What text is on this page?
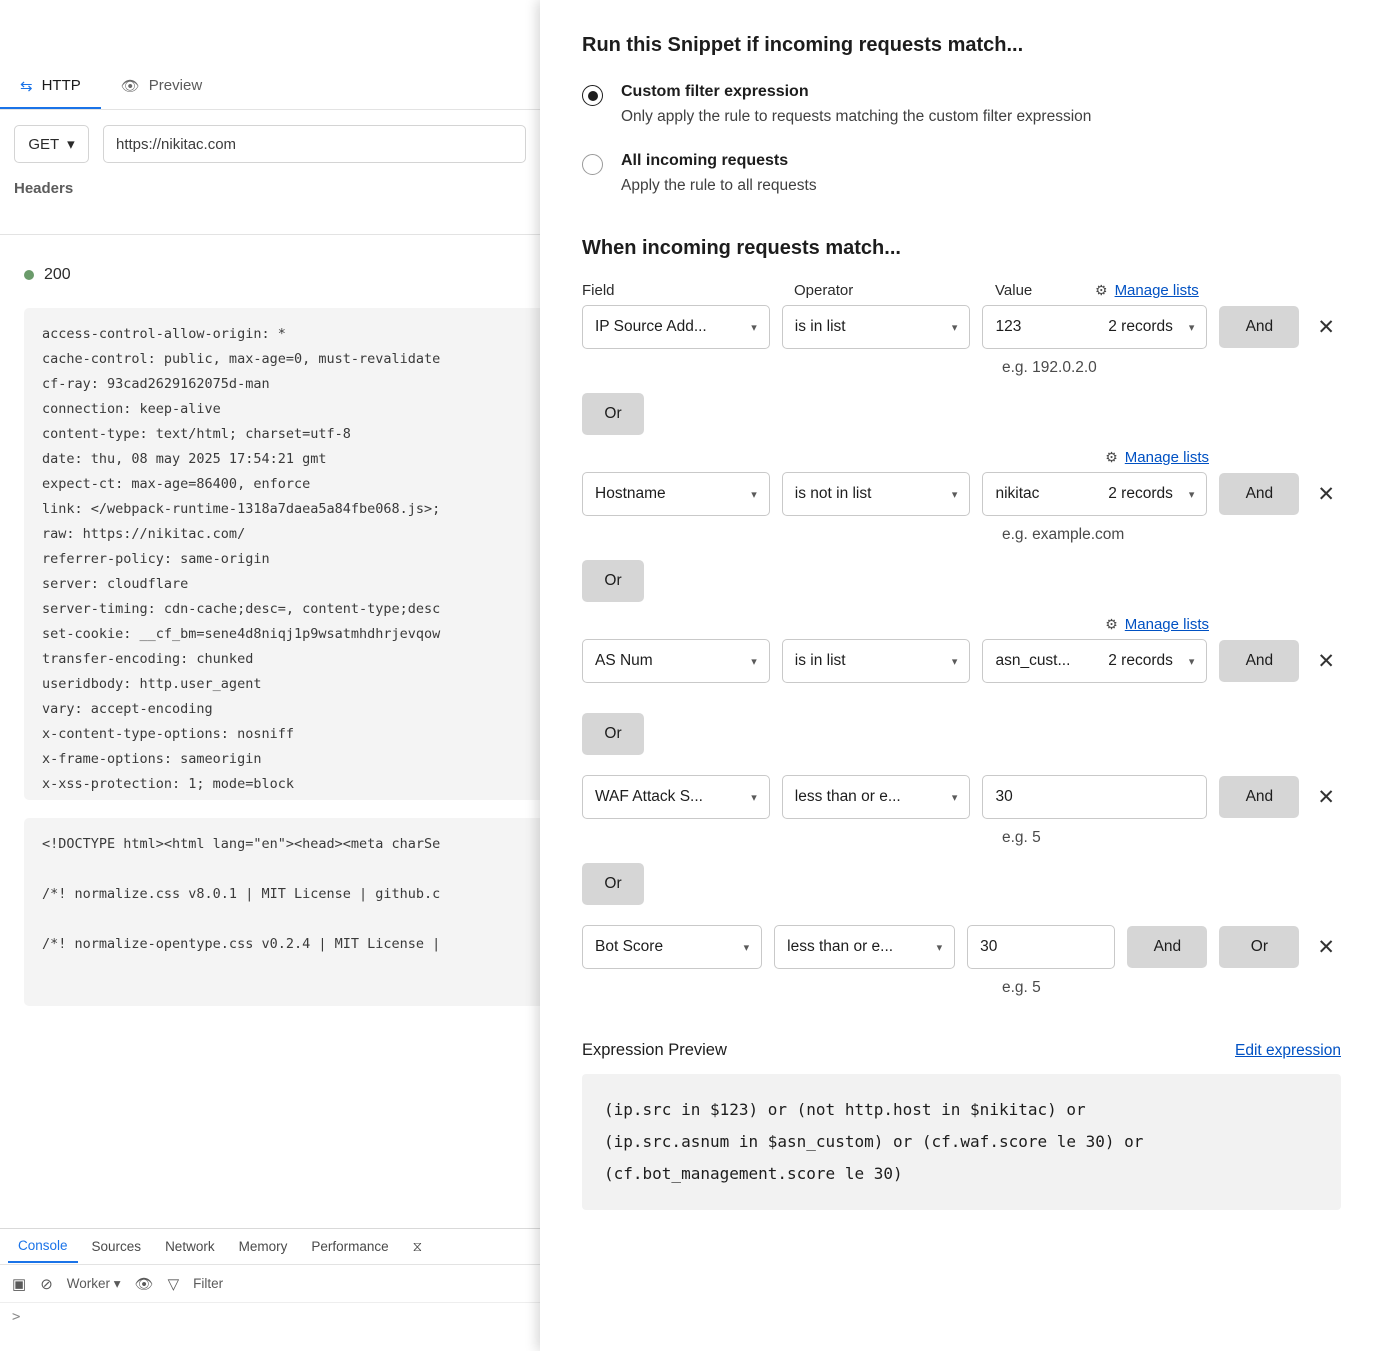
⇆ HTTP	👁 Preview
GET ▾	https://nikitac.com
Headers
200
access-control-allow-origin: *
cache-control: public, max-age=0, must-revalidate
cf-ray: 93cad2629162075d-man
connection: keep-alive
content-type: text/html; charset=utf-8
date: thu, 08 may 2025 17:54:21 gmt
expect-ct: max-age=86400, enforce
link: </webpack-runtime-1318a7daea5a84fbe068.js>;
raw: https://nikitac.com/
referrer-policy: same-origin
server: cloudflare
server-timing: cdn-cache;desc=, content-type;desc
set-cookie: __cf_bm=sene4d8niqj1p9wsatmhdhrjevqow
transfer-encoding: chunked
useridbody: http.user_agent
vary: accept-encoding
x-content-type-options: nosniff
x-frame-options: sameorigin
x-xss-protection: 1; mode=block
<!DOCTYPE html><html lang="en"><head><meta charSe

/*! normalize.css v8.0.1 | MIT License | github.c

/*! normalize-opentype.css v0.2.4 | MIT License |
Console	Sources	Network	Memory	Performance	⧖
▣ ⊘ Worker ▾ 👁 ▽ Filter
>
Run this Snippet if incoming requests match...
Custom filter expression
Only apply the rule to requests matching the custom filter expression
All incoming requests
Apply the rule to all requests
When incoming requests match...
Field	Operator	Value	⚙ Manage lists
IP Source Add...	▾ is in list	▾ 123	2 records ▾	And	✕
e.g. 192.0.2.0
Or
⚙ Manage lists
Hostname	▾ is not in list	▾ nikitac	2 records ▾	And	✕
e.g. example.com
Or
⚙ Manage lists
AS Num	▾ is in list	▾ asn_cust... 2 records ▾	And	✕
Or
WAF Attack S...	▾ less than or e...	▾ 30	And	✕
e.g. 5
Or
Bot Score	▾ less than or e...	▾ 30	And	Or	✕
e.g. 5
Expression Preview	Edit expression
(ip.src in $123) or (not http.host in $nikitac) or
(ip.src.asnum in $asn_custom) or (cf.waf.score le 30) or
(cf.bot_management.score le 30)
